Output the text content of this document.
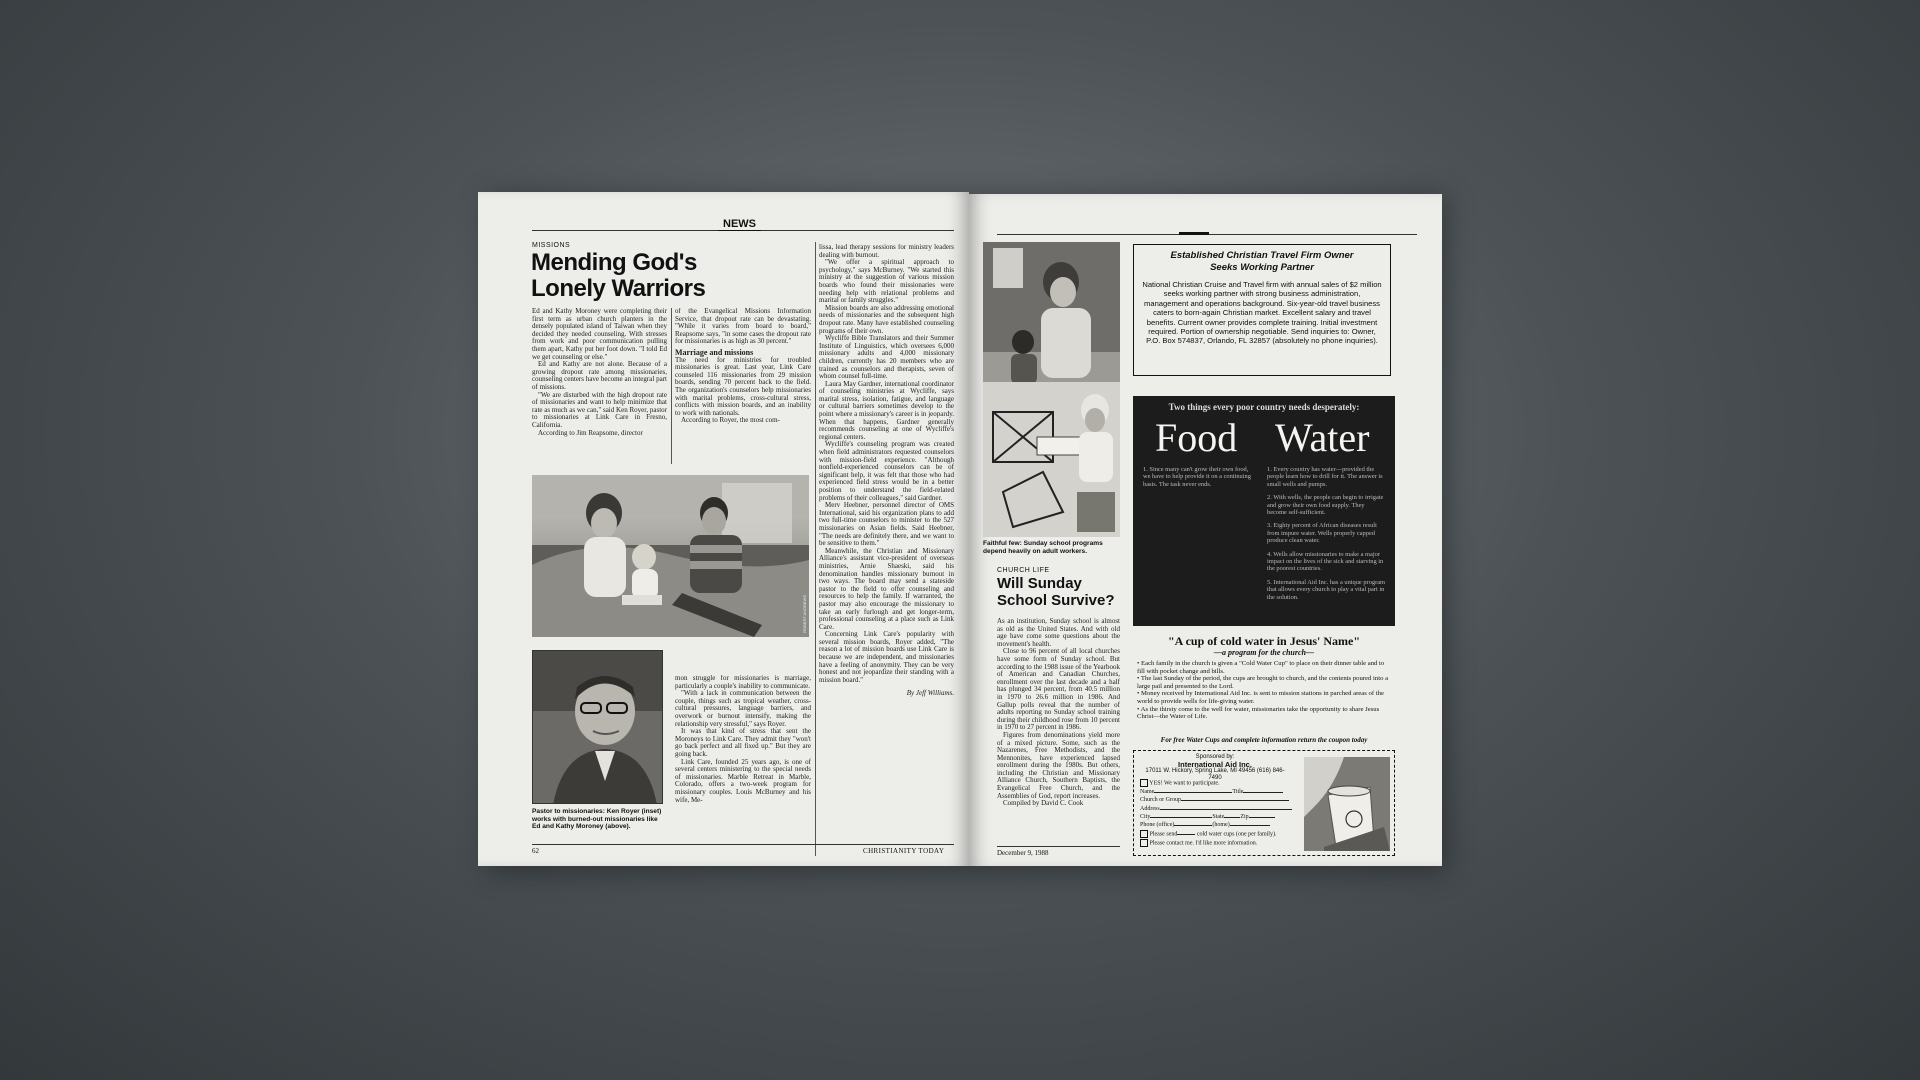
NEWS
MISSIONS
Mending God's
Lonely Warriors

Ed and Kathy Moroney were completing their first term as urban church planters in the densely populated island of Taiwan when they decided they needed counseling. With stresses from work and poor communication pulling them apart, Kathy put her foot down. "I told Ed we get counseling or else."

Ed and Kathy are not alone. Because of a growing dropout rate among missionaries, counseling centers have become an integral part of missions.

"We are disturbed with the high dropout rate of missionaries and want to help minimize that rate as much as we can," said Ken Royer, pastor to missionaries at Link Care in Fresno, California.

According to Jim Reapsome, director

of the Evangelical Missions Information Service, that dropout rate can be devastating. "While it varies from board to board," Reapsome says, "in some cases the dropout rate for missionaries is as high as 30 percent."

Marriage and missions

The need for ministries for troubled missionaries is great. Last year, Link Care counseled 116 missionaries from 29 mission boards, sending 70 percent back to the field. The organization's counselors help missionaries with marital problems, cross-cultural stress, conflicts with mission boards, and an inability to work with nationals.

According to Royer, the most com-

ROBERT ANDREWS
Pastor to missionaries: Ken Royer (inset) works with burned-out missionaries like Ed and Kathy Moroney (above).

mon struggle for missionaries is marriage, particularly a couple's inability to communicate.

"With a lack in communication between the couple, things such as tropical weather, cross-cultural pressures, language barriers, and overwork or burnout intensify, making the relationship very stressful," says Royer.

It was that kind of stress that sent the Moroneys to Link Care. They admit they "won't go back perfect and all fixed up." But they are going back.

Link Care, founded 25 years ago, is one of several centers ministering to the special needs of missionaries. Marble Retreat in Marble, Colorado, offers a two-week program for missionary couples. Louis McBurney and his wife, Me-

lissa, lead therapy sessions for ministry leaders dealing with burnout.

"We offer a spiritual approach to psychology," says McBurney. "We started this ministry at the suggestion of various mission boards who found their missionaries were needing help with relational problems and marital or family struggles."

Mission boards are also addressing emotional needs of missionaries and the subsequent high dropout rate. Many have established counseling programs of their own.

Wycliffe Bible Translators and their Summer Institute of Linguistics, which oversees 6,000 missionary adults and 4,000 missionary children, currently has 20 members who are trained as counselors and therapists, seven of whom counsel full-time.

Laura May Gardner, international coordinator of counseling ministries at Wycliffe, says marital stress, isolation, fatigue, and language or cultural barriers sometimes develop to the point where a missionary's career is in jeopardy. When that happens, Gardner generally recommends counseling at one of Wycliffe's regional centers.

Wycliffe's counseling program was created when field administrators requested counselors with mission-field experience. "Although nonfield-experienced counselors can be of significant help, it was felt that those who had experienced field stress would be in a better position to understand the field-related problems of their colleagues," said Gardner.

Merv Heebner, personnel director of OMS International, said his organization plans to add two full-time counselors to minister to the 527 missionaries on Asian fields. Said Heebner, "The needs are definitely there, and we want to be sensitive to them."

Meanwhile, the Christian and Missionary Alliance's assistant vice-president of overseas ministries, Arnie Shaeski, said his denomination handles missionary burnout in two ways. The board may send a stateside pastor to the field to offer counseling and resources to help the family. If warranted, the pastor may also encourage the missionary to take an early furlough and get longer-term, professional counseling at a place such as Link Care.

Concerning Link Care's popularity with several mission boards, Royer added, "The reason a lot of mission boards use Link Care is because we are independent, and missionaries have a feeling of anonymity. They can be very honest and not jeopardize their standing with a mission board."

By Jeff Williams.

62	CHRISTIANITY TODAY
Faithful few: Sunday school programs depend heavily on adult workers.
CHURCH LIFE
Will Sunday
School Survive?

As an institution, Sunday school is almost as old as the United States. And with old age have come some questions about the movement's health.

Close to 96 percent of all local churches have some form of Sunday school. But according to the 1988 issue of the Yearbook of American and Canadian Churches, enrollment over the last decade and a half has plunged 34 percent, from 40.5 million in 1970 to 26.6 million in 1986. And Gallup polls reveal that the number of adults reporting no Sunday school training during their childhood rose from 10 percent in 1970 to 27 percent in 1986.

Figures from denominations yield more of a mixed picture. Some, such as the Nazarenes, Free Methodists, and the Mennonites, have experienced lapsed enrollment during the 1980s. But others, including the Christian and Missionary Alliance Church, Southern Baptists, the Evangelical Free Church, and the Assemblies of God, report increases.

Compiled by David C. Cook

December 9, 1988
Established Christian Travel Firm Owner
Seeks Working Partner
National Christian Cruise and Travel firm with annual sales of $2 million seeks working partner with strong business administration, management and operations background. Six-year-old travel business caters to born-again Christian market. Excellent salary and travel benefits. Current owner provides complete training. Initial investment required. Portion of ownership negotiable. Send inquiries to: Owner, P.O. Box 574837, Orlando, FL 32857 (absolutely no phone inquiries).
Two things every poor country needs desperately:
Food Water
1. Since many can't grow their own food, we have to help provide it on a continuing basis. The task never ends.
1. Every country has water—provided the people learn how to drill for it. The answer is small wells and pumps.
2. With wells, the people can begin to irrigate and grow their own food supply. They become self-sufficient.
3. Eighty percent of African diseases result from impure water. Wells properly capped produce clean water.
4. Wells allow missionaries to make a major impact on the lives of the sick and starving in the poorest countries.
5. International Aid Inc. has a unique program that allows every church to play a vital part in the solution.
"A cup of cold water in Jesus' Name"
—a program for the church—
• Each family in the church is given a "Cold Water Cup" to place on their dinner table and to fill with pocket change and bills.
• The last Sunday of the period, the cups are brought to church, and the contents poured into a large pail and presented to the Lord.
• Money received by International Aid Inc. is sent to mission stations in parched areas of the world to provide wells for life-giving water.
• As the thirsty come to the well for water, missionaries take the opportunity to share Jesus Christ—the Water of Life.
For free Water Cups and complete information return the coupon today
Sponsored by:
International Aid Inc.
17011 W. Hickory, Spring Lake, MI 49456 (616) 846-7490
YES! We want to participate.
Name	Title
Church or Group
Address
City	State	Zip
Phone (office)	(home)
Please send	cold water cups (one per family).
Please contact me. I'd like more information.
